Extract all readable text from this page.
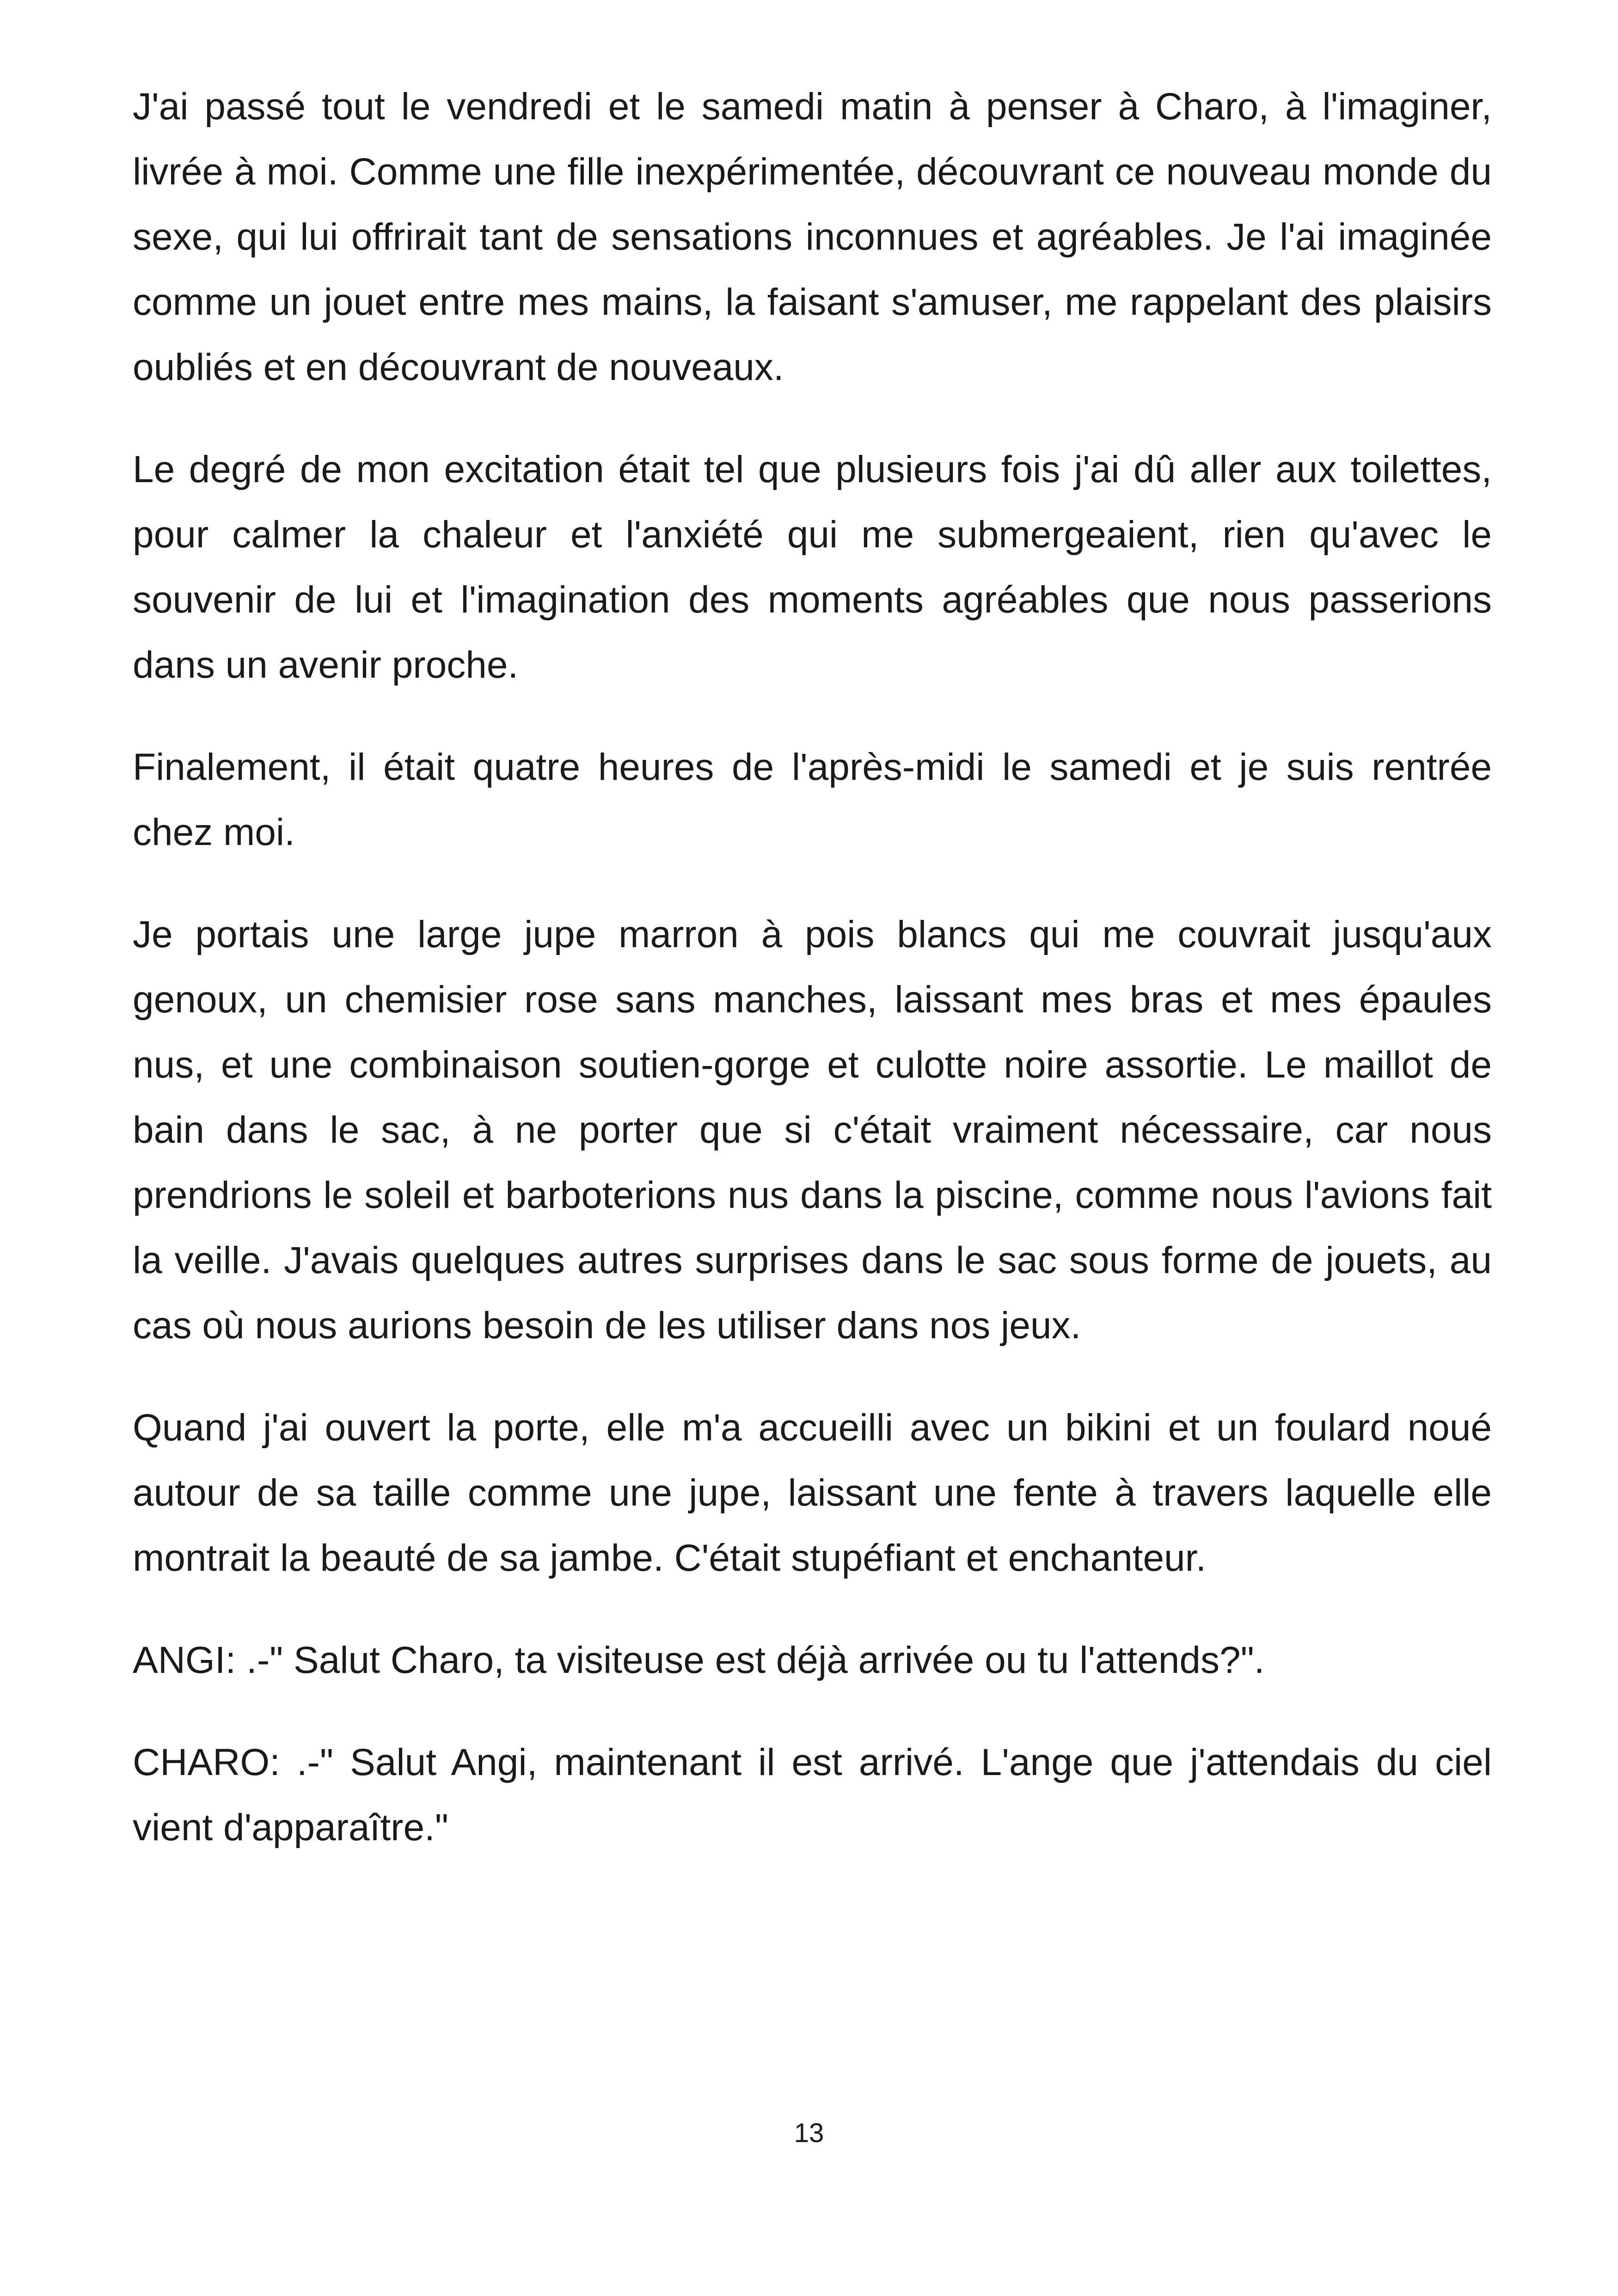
J'ai passé tout le vendredi et le samedi matin à penser à Charo, à l'imaginer, livrée à moi. Comme une fille inexpérimentée, découvrant ce nouveau monde du sexe, qui lui offrirait tant de sensations inconnues et agréables. Je l'ai imaginée comme un jouet entre mes mains, la faisant s'amuser, me rappelant des plaisirs oubliés et en découvrant de nouveaux.

Le degré de mon excitation était tel que plusieurs fois j'ai dû aller aux toilettes, pour calmer la chaleur et l'anxiété qui me submergeaient, rien qu'avec le souvenir de lui et l'imagination des moments agréables que nous passerions dans un avenir proche.

Finalement, il était quatre heures de l'après-midi le samedi et je suis rentrée chez moi.

Je portais une large jupe marron à pois blancs qui me couvrait jusqu'aux genoux, un chemisier rose sans manches, laissant mes bras et mes épaules nus, et une combinaison soutien-gorge et culotte noire assortie. Le maillot de bain dans le sac, à ne porter que si c'était vraiment nécessaire, car nous prendrions le soleil et barboterions nus dans la piscine, comme nous l'avions fait la veille. J'avais quelques autres surprises dans le sac sous forme de jouets, au cas où nous aurions besoin de les utiliser dans nos jeux.

Quand j'ai ouvert la porte, elle m'a accueilli avec un bikini et un foulard noué autour de sa taille comme une jupe, laissant une fente à travers laquelle elle montrait la beauté de sa jambe. C'était stupéfiant et enchanteur.

ANGI: .-" Salut Charo, ta visiteuse est déjà arrivée ou tu l'attends?".

CHARO: .-" Salut Angi, maintenant il est arrivé. L'ange que j'attendais du ciel vient d'apparaître."

13
